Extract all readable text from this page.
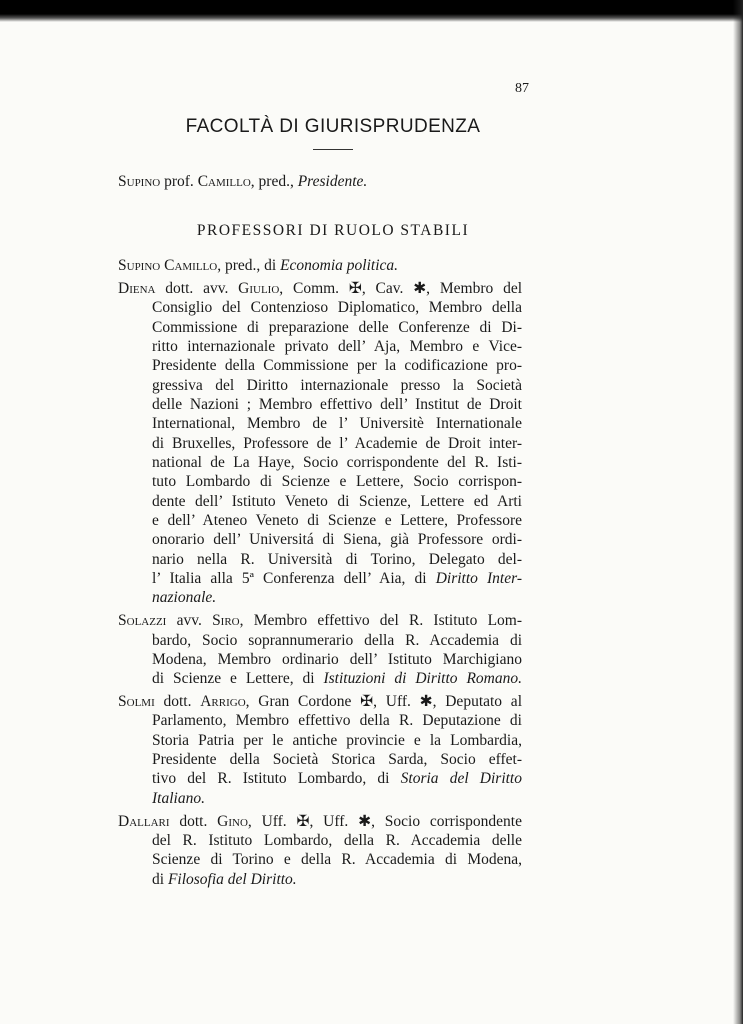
87
FACOLTÀ DI GIURISPRUDENZA
Supino prof. Camillo, pred., Presidente.
PROFESSORI DI RUOLO STABILI
Supino Camillo, pred., di Economia politica.
Diena dott. avv. Giulio, Comm. ✠, Cav. ✱, Membro del
Consiglio del Contenzioso Diplomatico, Membro della
Commissione di preparazione delle Conferenze di Di-
ritto internazionale privato dell’ Aja, Membro e Vice-
Presidente della Commissione per la codificazione pro-
gressiva del Diritto internazionale presso la Società
delle Nazioni ; Membro effettivo dell’ Institut de Droit
International, Membro de l’ Universitè Internationale
di Bruxelles, Professore de l’ Academie de Droit inter-
national de La Haye, Socio corrispondente del R. Isti-
tuto Lombardo di Scienze e Lettere, Socio corrispon-
dente dell’ Istituto Veneto di Scienze, Lettere ed Arti
e dell’ Ateneo Veneto di Scienze e Lettere, Professore
onorario dell’ Universitá di Siena, già Professore ordi-
nario nella R. Università di Torino, Delegato del-
l’ Italia alla 5ª Conferenza dell’ Aia, di Diritto Inter-
nazionale.
Solazzi avv. Siro, Membro effettivo del R. Istituto Lom-
bardo, Socio soprannumerario della R. Accademia di
Modena, Membro ordinario dell’ Istituto Marchigiano
di Scienze e Lettere, di Istituzioni di Diritto Romano.
Solmi dott. Arrigo, Gran Cordone ✠, Uff. ✱, Deputato al
Parlamento, Membro effettivo della R. Deputazione di
Storia Patria per le antiche provincie e la Lombardia,
Presidente della Società Storica Sarda, Socio effet-
tivo del R. Istituto Lombardo, di Storia del Diritto
Italiano.
Dallari dott. Gino, Uff. ✠, Uff. ✱, Socio corrispondente
del R. Istituto Lombardo, della R. Accademia delle
Scienze di Torino e della R. Accademia di Modena,
di Filosofia del Diritto.
